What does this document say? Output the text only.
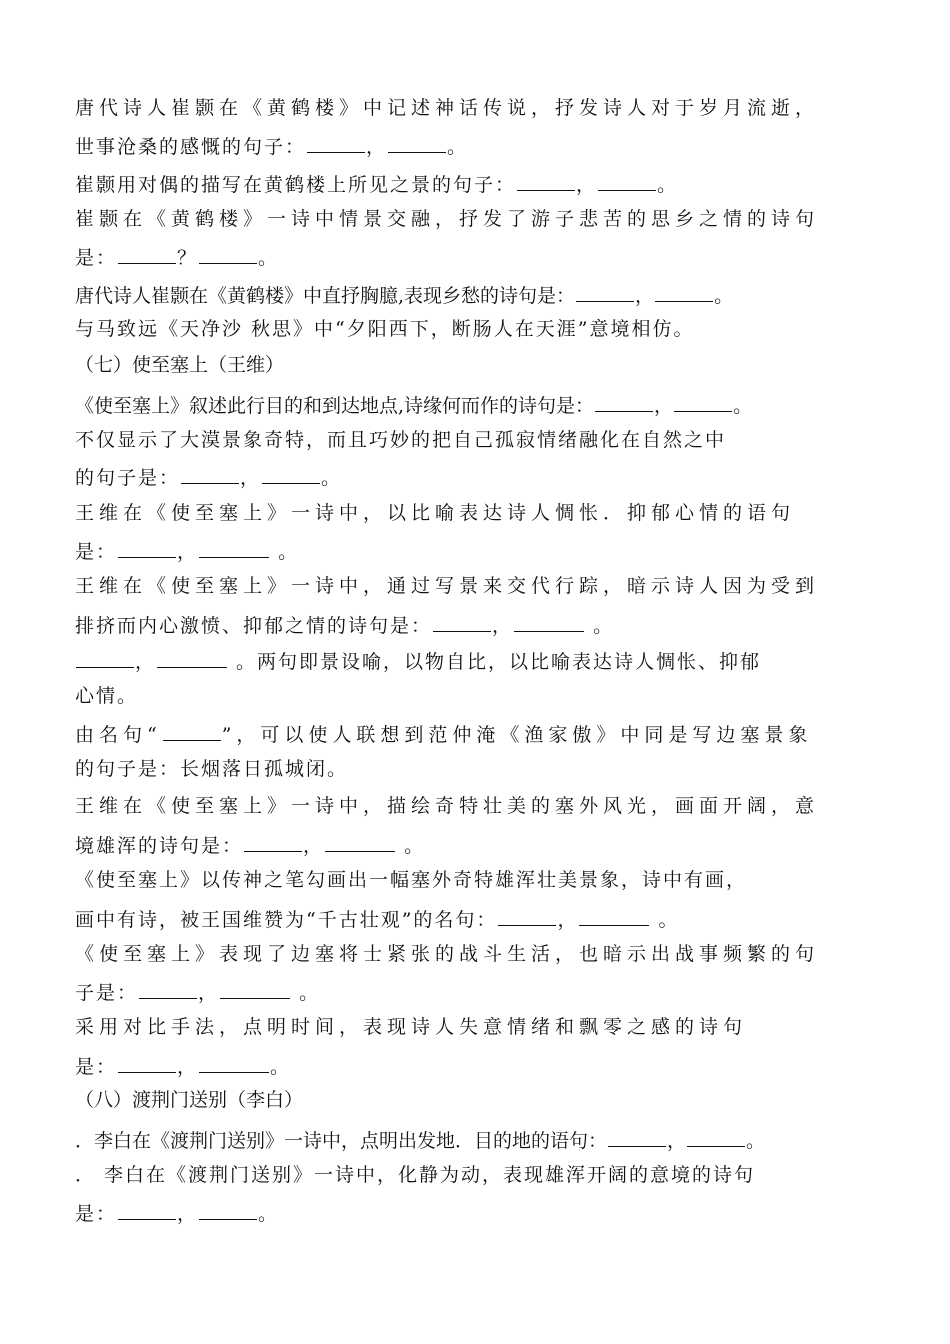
唐代诗人崔颢在《黄鹤楼》中记述神话传说，抒发诗人对于岁月流逝，
世事沧桑的感慨的句子：	，	。
崔颢用对偶的描写在黄鹤楼上所见之景的句子：	，	。
崔颢在《黄鹤楼》一诗中情景交融，抒发了游子悲苦的思乡之情的诗句
是：	？	。
唐代诗人崔颢在《黄鹤楼》中直抒胸臆,表现乡愁的诗句是：	，	。
与马致远《天净沙 秋思》中“夕阳西下，断肠人在天涯”意境相仿。
（七）使至塞上（王维）
《使至塞上》叙述此行目的和到达地点,诗缘何而作的诗句是：	，	。
不仅显示了大漠景象奇特，而且巧妙的把自己孤寂情绪融化在自然之中
的句子是：	，	。
王维在《使至塞上》一诗中，以比喻表达诗人惆怅．抑郁心情的语句
是：	，	。
王维在《使至塞上》一诗中，通过写景来交代行踪，暗示诗人因为受到
排挤而内心激愤、抑郁之情的诗句是：	，	。
，	。两句即景设喻，以物自比，以比喻表达诗人惆怅、抑郁
心情。
由名句“	”，可以使人联想到范仲淹《渔家傲》中同是写边塞景象
的句子是：长烟落日孤城闭。
王维在《使至塞上》一诗中，描绘奇特壮美的塞外风光，画面开阔，意
境雄浑的诗句是：	，	。
《使至塞上》以传神之笔勾画出一幅塞外奇特雄浑壮美景象，诗中有画，
画中有诗，被王国维赞为“千古壮观”的名句：	，	。
《使至塞上》表现了边塞将士紧张的战斗生活，也暗示出战事频繁的句
子是：	，	。
采用对比手法，点明时间，表现诗人失意情绪和飘零之感的诗句
是：	，	。
（八）渡荆门送别（李白）
．李白在《渡荆门送别》一诗中，点明出发地．目的地的语句：	，	。
． 李白在《渡荆门送别》一诗中，化静为动，表现雄浑开阔的意境的诗句
是：	，	。
